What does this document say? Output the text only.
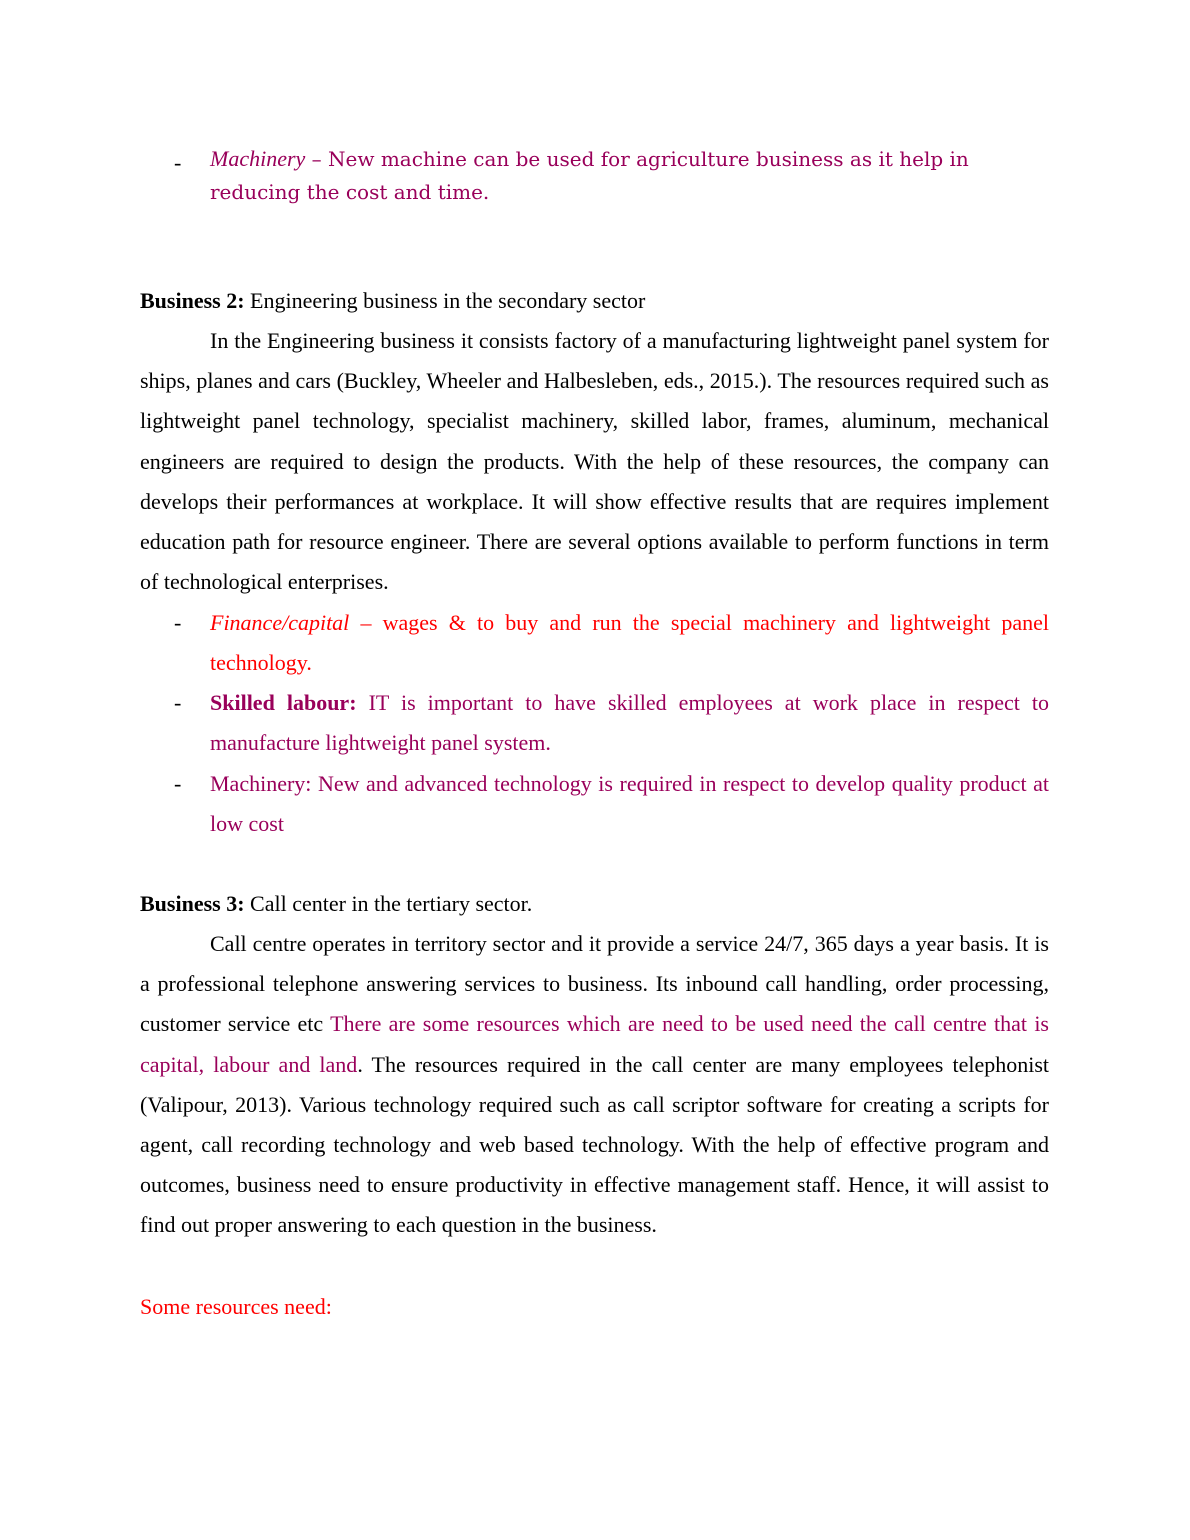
-	Machinery – New machine can be used for agriculture business as it help in reducing the cost and time.

Business 2: Engineering business in the secondary sector

In the Engineering business it consists factory of a manufacturing lightweight panel system for ships, planes and cars (Buckley, Wheeler and Halbesleben, eds., 2015.). The resources required such as lightweight panel technology, specialist machinery, skilled labor, frames, aluminum, mechanical engineers are required to design the products. With the help of these resources, the company can develops their performances at workplace. It will show effective results that are requires implement education path for resource engineer. There are several options available to perform functions in term of technological enterprises.

-	Finance/capital – wages & to buy and run the special machinery and lightweight panel technology.
-	Skilled labour: IT is important to have skilled employees at work place in respect to manufacture lightweight panel system.
-	Machinery: New and advanced technology is required in respect to develop quality product at low cost

Business 3: Call center in the tertiary sector.

Call centre operates in territory sector and it provide a service 24/7, 365 days a year basis. It is a professional telephone answering services to business. Its inbound call handling, order processing, customer service etc There are some resources which are need to be used need the call centre that is capital, labour and land. The resources required in the call center are many employees telephonist (Valipour, 2013). Various technology required such as call scriptor software for creating a scripts for agent, call recording technology and web based technology. With the help of effective program and outcomes, business need to ensure productivity in effective management staff. Hence, it will assist to find out proper answering to each question in the business.

Some resources need:
